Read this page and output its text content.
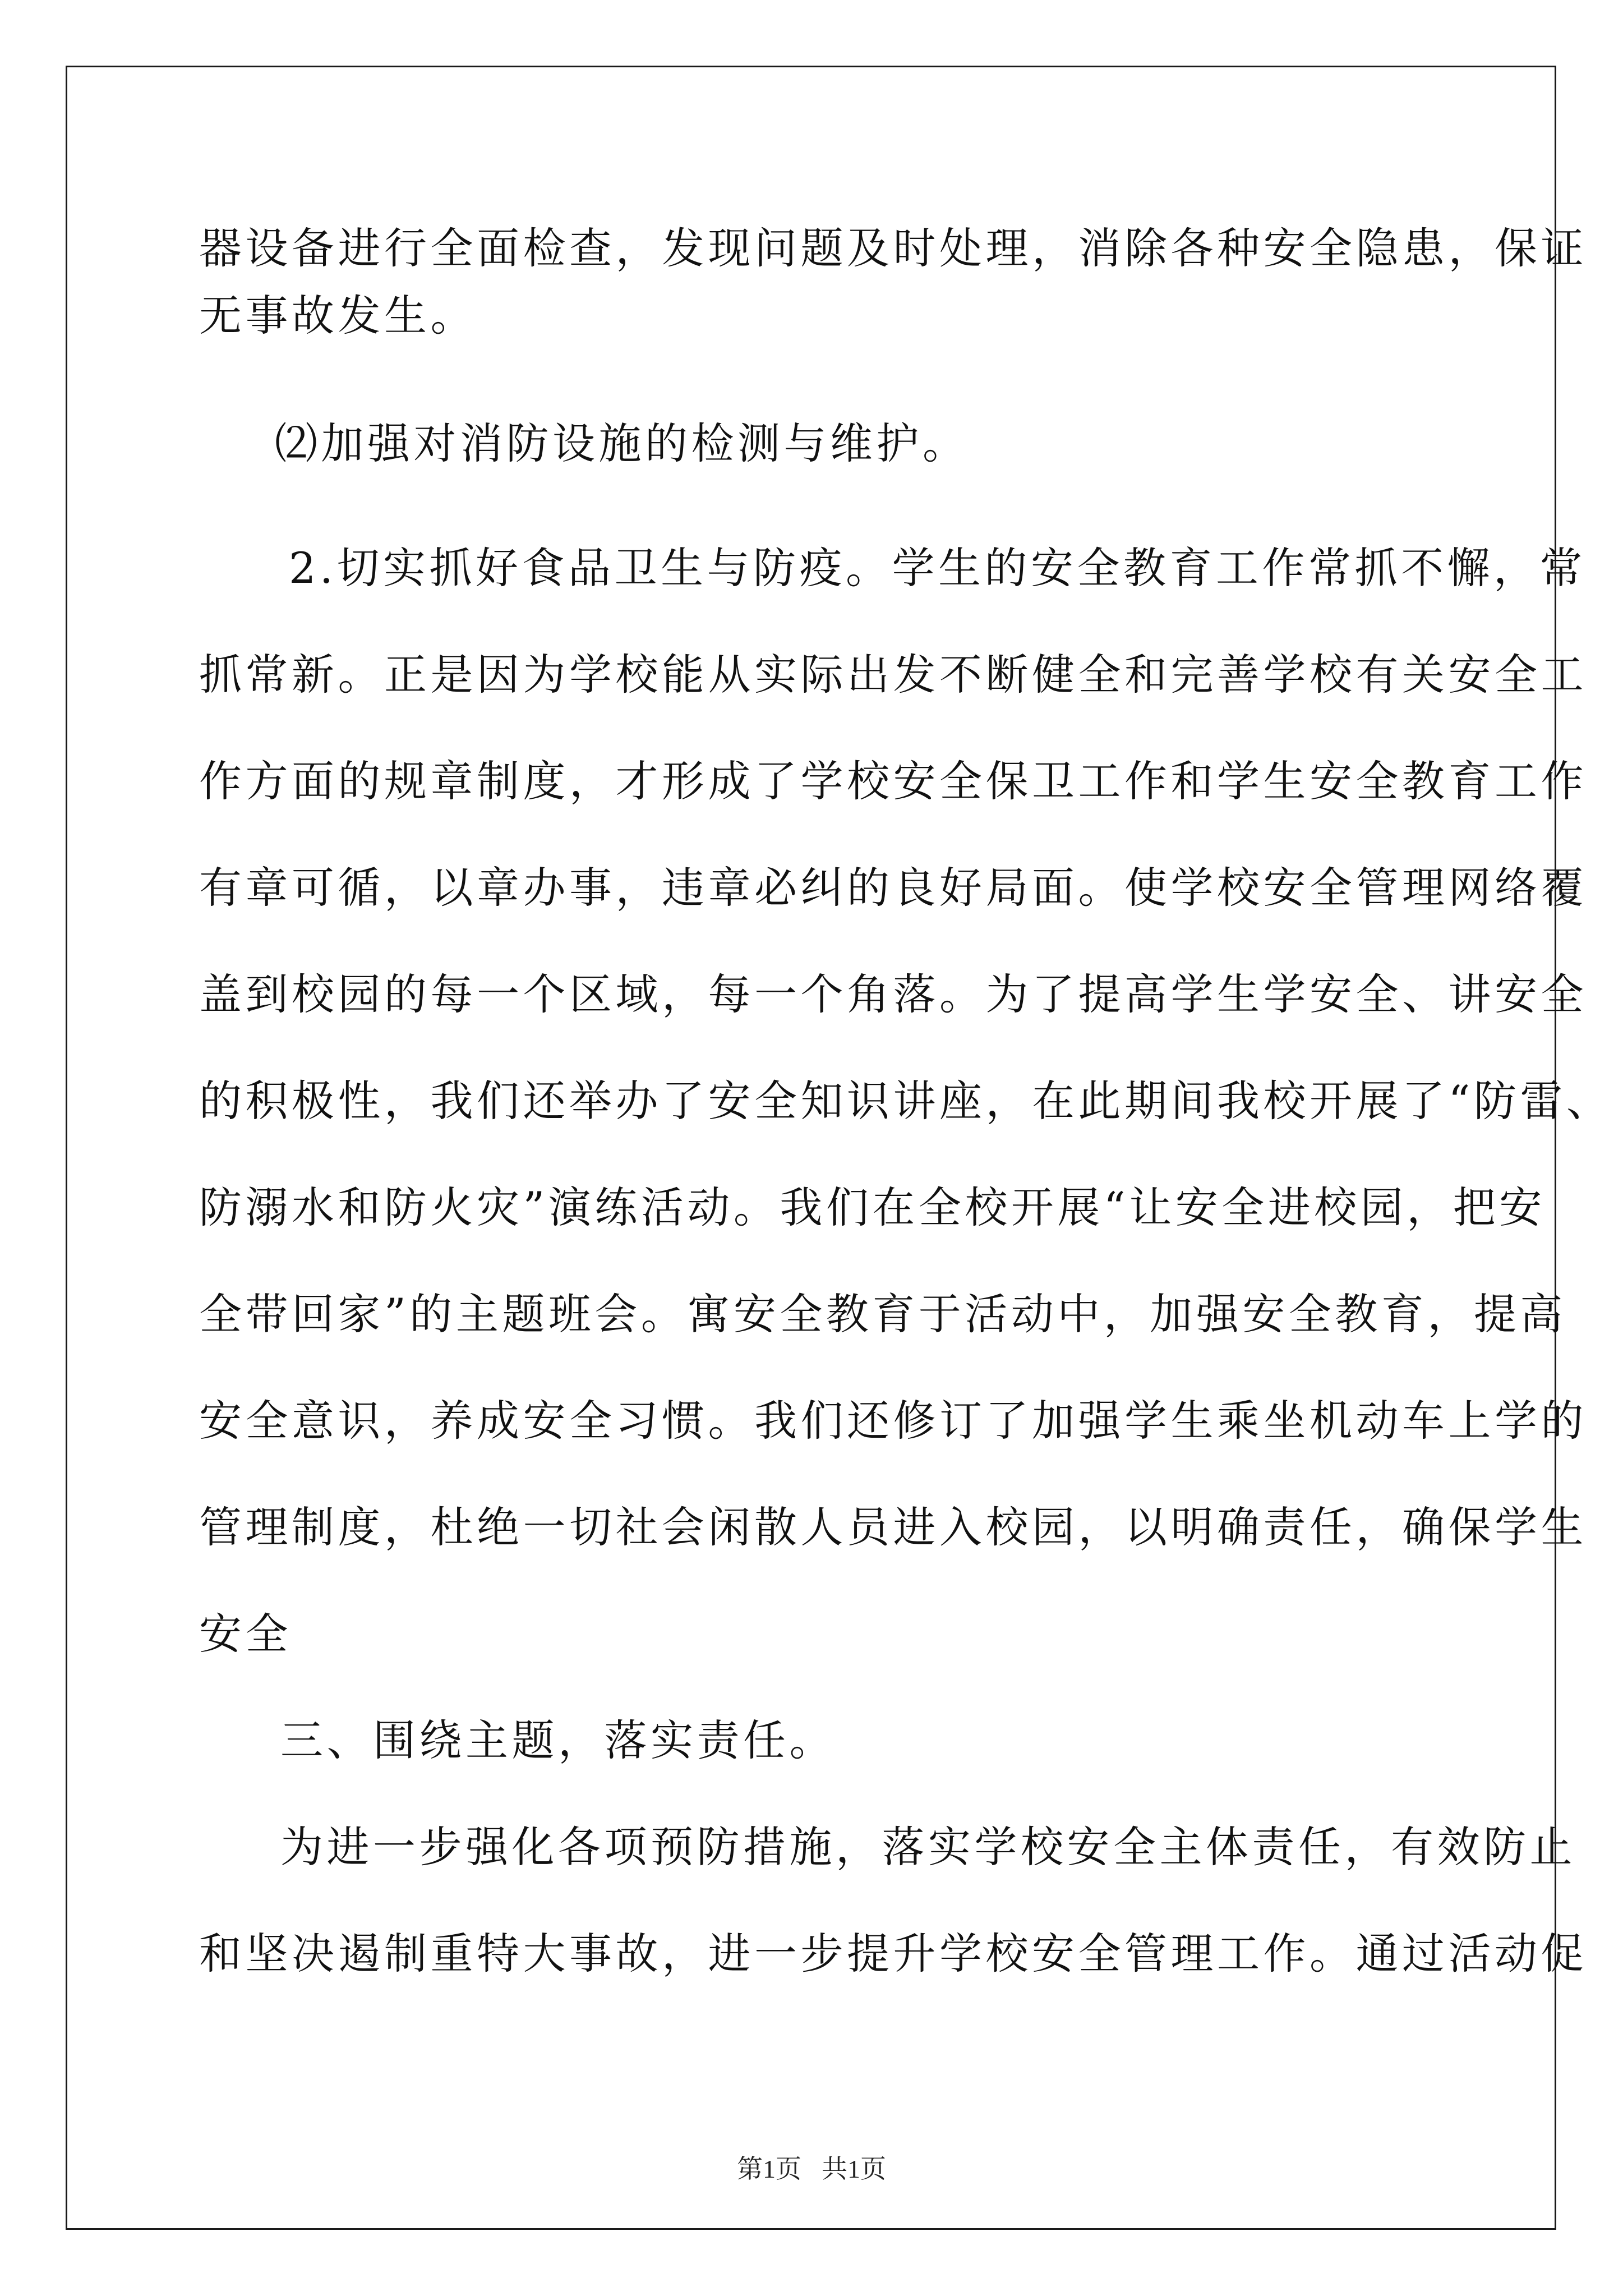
器设备进行全面检查，发现问题及时处理，消除各种安全隐患，保证
无事故发生。
⑵加强对消防设施的检测与维护。
2.切实抓好食品卫生与防疫。学生的安全教育工作常抓不懈，常
抓常新。正是因为学校能从实际出发不断健全和完善学校有关安全工
作方面的规章制度，才形成了学校安全保卫工作和学生安全教育工作
有章可循，以章办事，违章必纠的良好局面。使学校安全管理网络覆
盖到校园的每一个区域，每一个角落。为了提高学生学安全、讲安全
的积极性，我们还举办了安全知识讲座，在此期间我校开展了“防雷、
防溺水和防火灾”演练活动。我们在全校开展“让安全进校园，把安
全带回家”的主题班会。寓安全教育于活动中，加强安全教育，提高
安全意识，养成安全习惯。我们还修订了加强学生乘坐机动车上学的
管理制度，杜绝一切社会闲散人员进入校园，以明确责任，确保学生
安全
三、围绕主题，落实责任。
为进一步强化各项预防措施，落实学校安全主体责任，有效防止
和坚决遏制重特大事故，进一步提升学校安全管理工作。通过活动促
第1页 共1页
